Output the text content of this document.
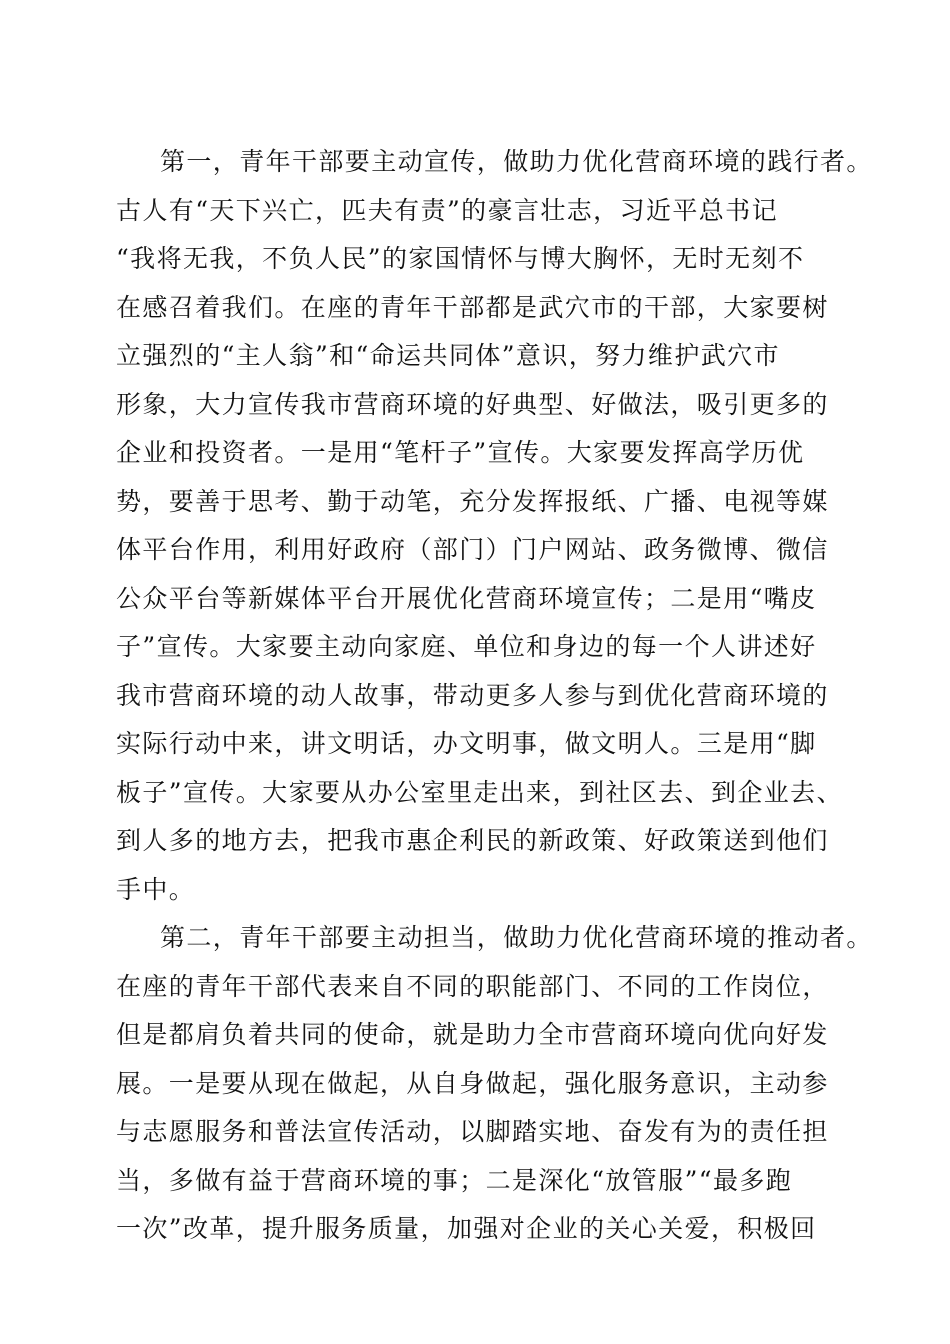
第一，青年干部要主动宣传，做助力优化营商环境的践行者。
古人有“天下兴亡，匹夫有责”的豪言壮志，习近平总书记
“我将无我，不负人民”的家国情怀与博大胸怀，无时无刻不
在感召着我们。在座的青年干部都是武穴市的干部，大家要树
立强烈的“主人翁”和“命运共同体”意识，努力维护武穴市
形象，大力宣传我市营商环境的好典型、好做法，吸引更多的
企业和投资者。一是用“笔杆子”宣传。大家要发挥高学历优
势，要善于思考、勤于动笔，充分发挥报纸、广播、电视等媒
体平台作用，利用好政府（部门）门户网站、政务微博、微信
公众平台等新媒体平台开展优化营商环境宣传；二是用“嘴皮
子”宣传。大家要主动向家庭、单位和身边的每一个人讲述好
我市营商环境的动人故事，带动更多人参与到优化营商环境的
实际行动中来，讲文明话，办文明事，做文明人。三是用“脚
板子”宣传。大家要从办公室里走出来，到社区去、到企业去、
到人多的地方去，把我市惠企利民的新政策、好政策送到他们
手中。
第二，青年干部要主动担当，做助力优化营商环境的推动者。
在座的青年干部代表来自不同的职能部门、不同的工作岗位，
但是都肩负着共同的使命，就是助力全市营商环境向优向好发
展。一是要从现在做起，从自身做起，强化服务意识，主动参
与志愿服务和普法宣传活动，以脚踏实地、奋发有为的责任担
当，多做有益于营商环境的事；二是深化“放管服”“最多跑
一次”改革，提升服务质量，加强对企业的关心关爱，积极回
